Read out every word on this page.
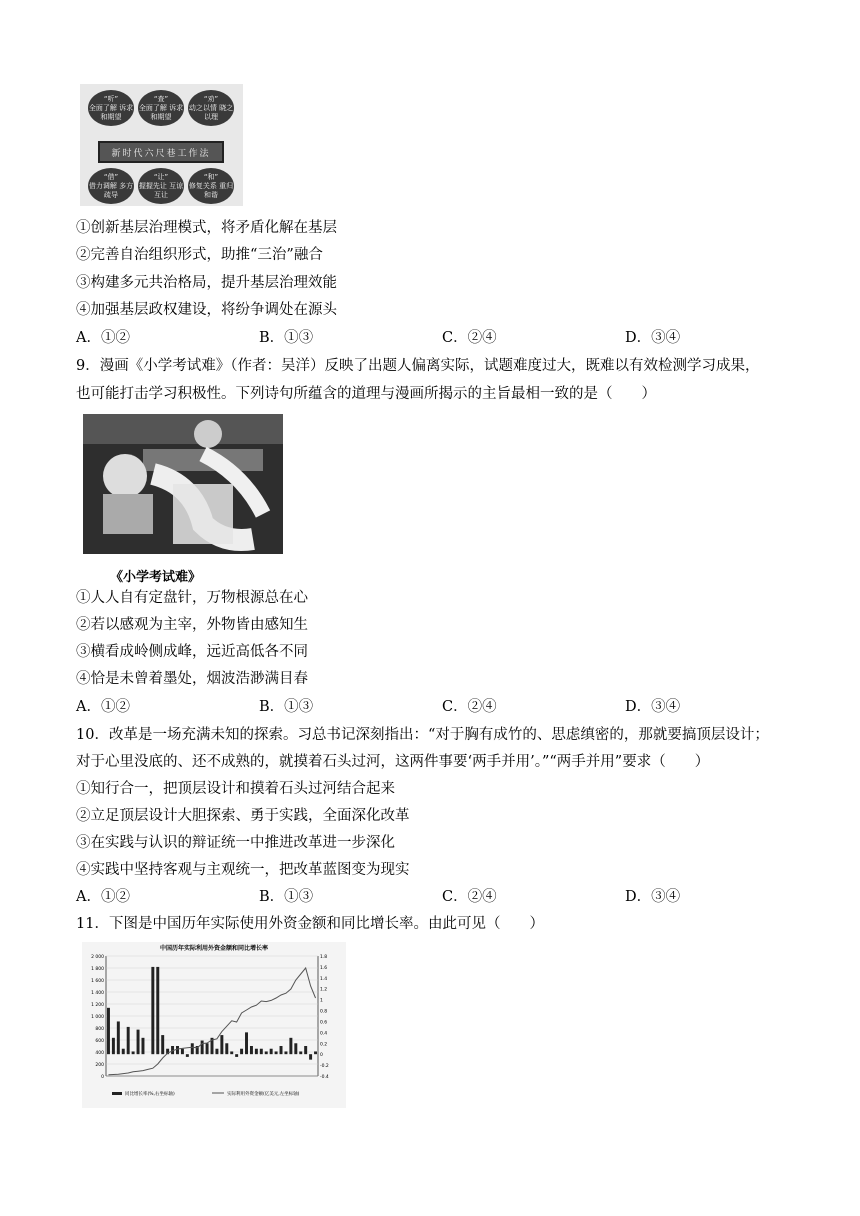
“听”
全面了解 诉求和期望
“查”
全面了解 诉求和期望
“劝”
动之以情 晓之以理
新时代六尺巷工作法
“借”
借力调解 多方疏导
“让”
握握先让 互谅互让
“和”
修复关系 重归和谐
①创新基层治理模式，将矛盾化解在基层
②完善自治组织形式，助推“三治”融合
③构建多元共治格局，提升基层治理效能
④加强基层政权建设，将纷争调处在源头
A．①②	B．①③	C．②④	D．③④
9．漫画《小学考试难》（作者：吴洋）反映了出题人偏离实际，试题难度过大，既难以有效检测学习成果，
也可能打击学习积极性。下列诗句所蕴含的道理与漫画所揭示的主旨最相一致的是（　　）
《小学考试难》
①人人自有定盘针，万物根源总在心
②若以感观为主宰，外物皆由感知生
③横看成岭侧成峰，远近高低各不同
④恰是未曾着墨处，烟波浩渺满目春
A．①②	B．①③	C．②④	D．③④
10．改革是一场充满未知的探索。习总书记深刻指出：“对于胸有成竹的、思虑缜密的，那就要搞顶层设计；
对于心里没底的、还不成熟的，就摸着石头过河，这两件事要‘两手并用’。”“两手并用”要求（　　）
①知行合一，把顶层设计和摸着石头过河结合起来
②立足顶层设计大胆探索、勇于实践，全面深化改革
③在实践与认识的辩证统一中推进改革进一步深化
④实践中坚持客观与主观统一，把改革蓝图变为现实
A．①②	B．①③	C．②④	D．③④
11．下图是中国历年实际使用外资金额和同比增长率。由此可见（　　）
中国历年实际利用外资金额和同比增长率
2 000
1 800
1 600
1 400
1 200
1 000
800
600
400
200
0
1.8
1.6
1.4
1.2
1
0.8
0.6
0.4
0.2
0
-0.2
-0.4
同比增长率(%,右坐标轴)	实际利用外资金额(亿美元,左坐标轴)
